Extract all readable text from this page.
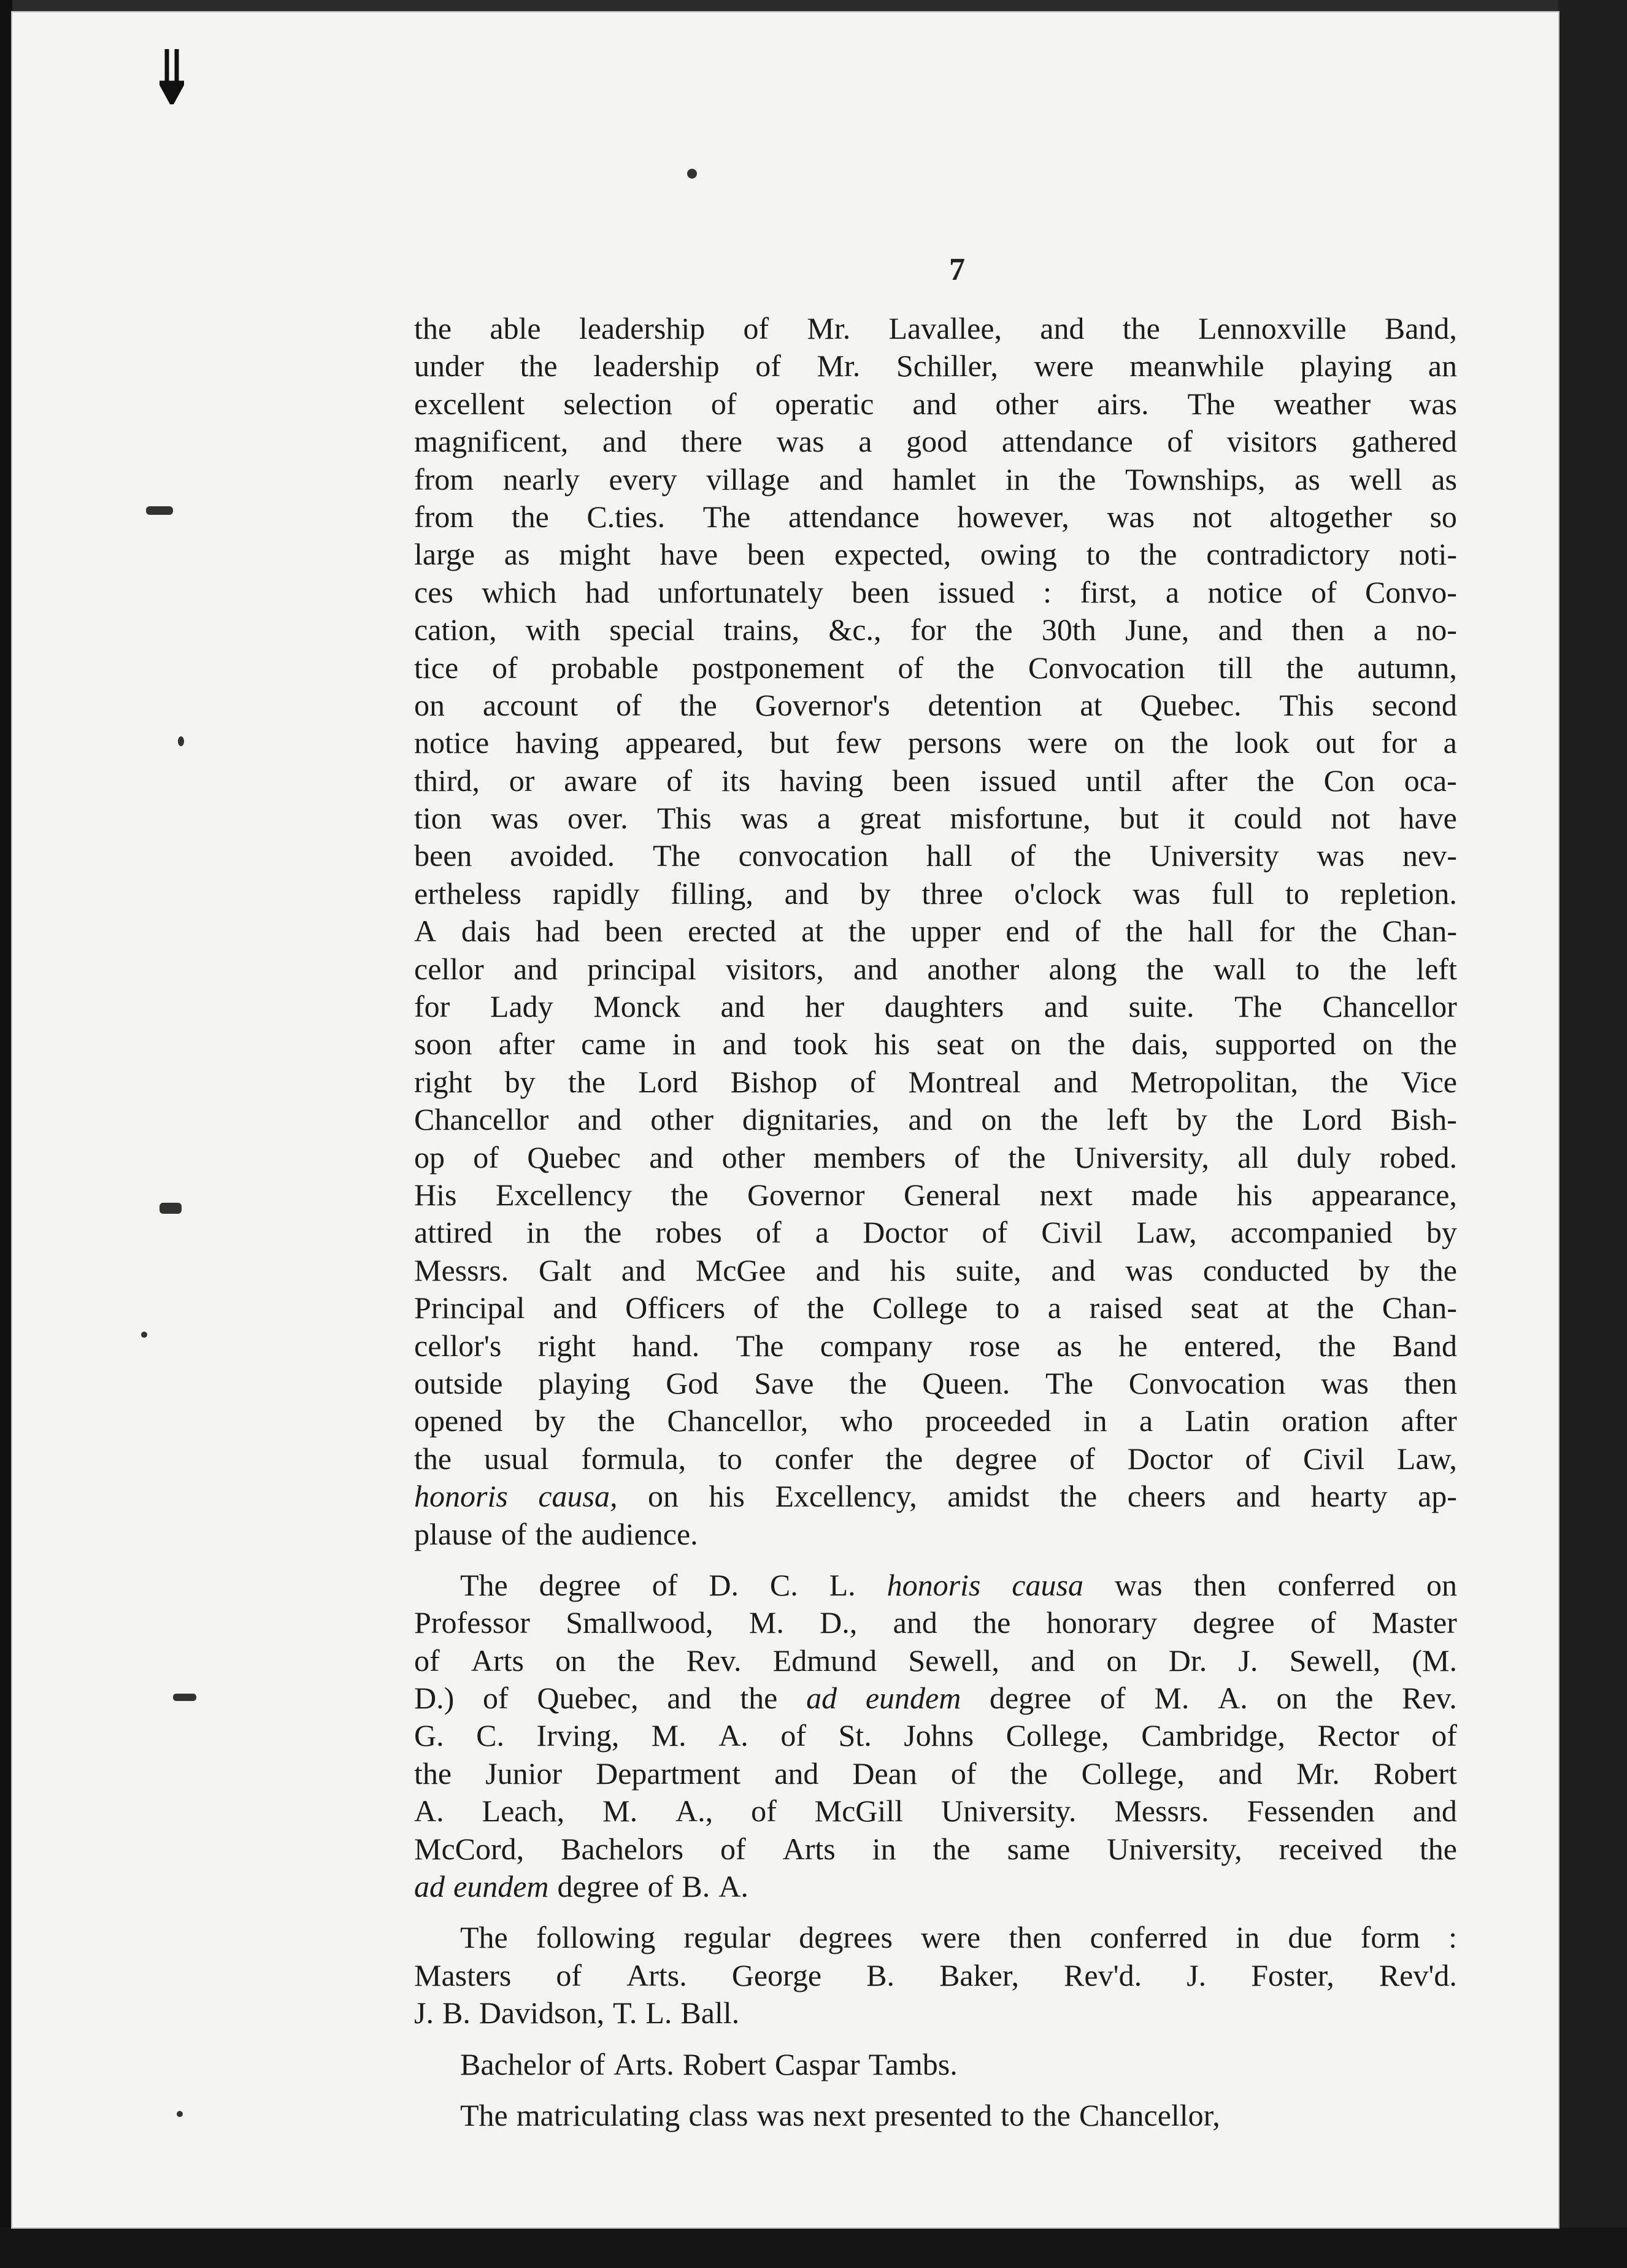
7
the able leadership of Mr. Lavallee, and the Lennoxville Band,
under the leadership of Mr. Schiller, were meanwhile playing an
excellent selection of operatic and other airs. The weather was
magnificent, and there was a good attendance of visitors gathered
from nearly every village and hamlet in the Townships, as well as
from the C.ties. The attendance however, was not altogether so
large as might have been expected, owing to the contradictory noti-
ces which had unfortunately been issued : first, a notice of Convo-
cation, with special trains, &c., for the 30th June, and then a no-
tice of probable postponement of the Convocation till the autumn,
on account of the Governor's detention at Quebec. This second
notice having appeared, but few persons were on the look out for a
third, or aware of its having been issued until after the Con oca-
tion was over. This was a great misfortune, but it could not have
been avoided. The convocation hall of the University was nev-
ertheless rapidly filling, and by three o'clock was full to repletion.
A dais had been erected at the upper end of the hall for the Chan-
cellor and principal visitors, and another along the wall to the left
for Lady Monck and her daughters and suite. The Chancellor
soon after came in and took his seat on the dais, supported on the
right by the Lord Bishop of Montreal and Metropolitan, the Vice
Chancellor and other dignitaries, and on the left by the Lord Bish-
op of Quebec and other members of the University, all duly robed.
His Excellency the Governor General next made his appearance,
attired in the robes of a Doctor of Civil Law, accompanied by
Messrs. Galt and McGee and his suite, and was conducted by the
Principal and Officers of the College to a raised seat at the Chan-
cellor's right hand. The company rose as he entered, the Band
outside playing God Save the Queen. The Convocation was then
opened by the Chancellor, who proceeded in a Latin oration after
the usual formula, to confer the degree of Doctor of Civil Law,
honoris causa, on his Excellency, amidst the cheers and hearty ap-
plause of the audience.
The degree of D. C. L. honoris causa was then conferred on
Professor Smallwood, M. D., and the honorary degree of Master
of Arts on the Rev. Edmund Sewell, and on Dr. J. Sewell, (M.
D.) of Quebec, and the ad eundem degree of M. A. on the Rev.
G. C. Irving, M. A. of St. Johns College, Cambridge, Rector of
the Junior Department and Dean of the College, and Mr. Robert
A. Leach, M. A., of McGill University. Messrs. Fessenden and
McCord, Bachelors of Arts in the same University, received the
ad eundem degree of B. A.
The following regular degrees were then conferred in due form :
Masters of Arts. George B. Baker, Rev'd. J. Foster, Rev'd.
J. B. Davidson, T. L. Ball.
Bachelor of Arts. Robert Caspar Tambs.
The matriculating class was next presented to the Chancellor,
